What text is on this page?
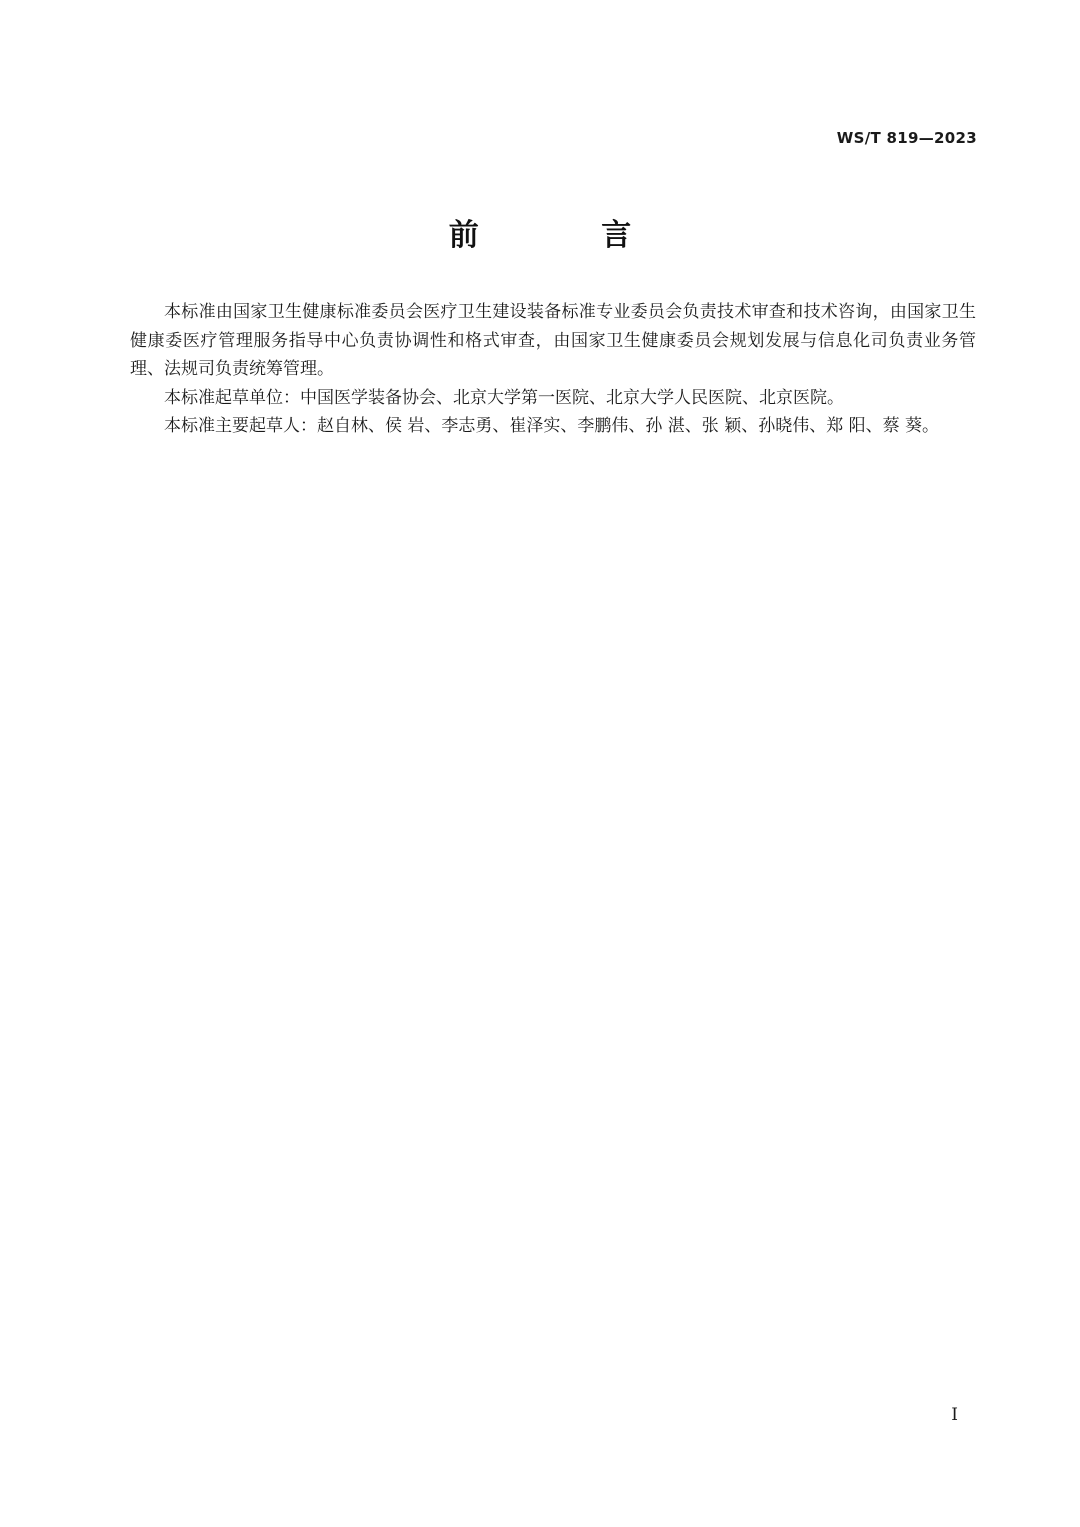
WS/T 819—2023
前 言

本标准由国家卫生健康标准委员会医疗卫生建设装备标准专业委员会负责技术审查和技术咨询，由国家卫生健康委医疗管理服务指导中心负责协调性和格式审查，由国家卫生健康委员会规划发展与信息化司负责业务管理、法规司负责统筹管理。

本标准起草单位：中国医学装备协会、北京大学第一医院、北京大学人民医院、北京医院。

本标准主要起草人：赵自林、侯 岩、李志勇、崔泽实、李鹏伟、孙 湛、张 颖、孙晓伟、郑 阳、蔡 葵。

I
